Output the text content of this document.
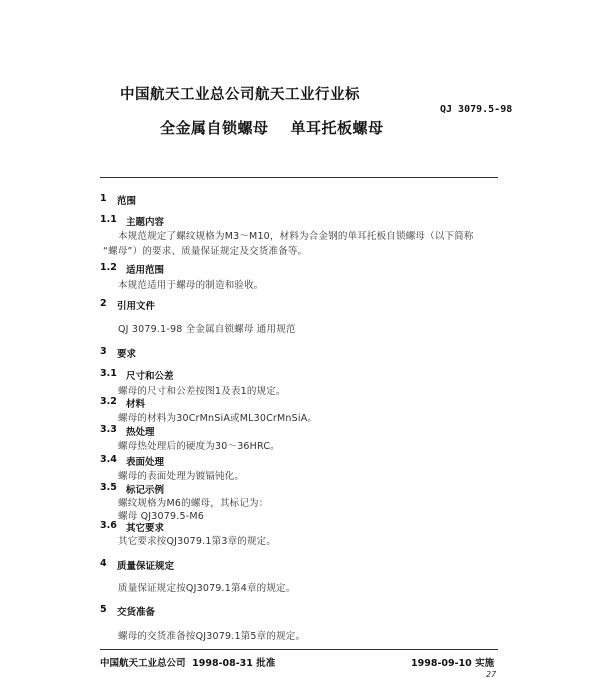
中国航天工业总公司航天工业行业标
QJ 3079.5-98
全金属自锁螺母 单耳托板螺母
1 范围
1.1 主题内容
本规范规定了螺纹规格为M3～M10，材料为合金钢的单耳托板自锁螺母（以下简称
“螺母”）的要求、质量保证规定及交货准备等。
1.2 适用范围
本规范适用于螺母的制造和验收。
2 引用文件
QJ 3079.1-98 全金属自锁螺母 通用规范
3 要求
3.1 尺寸和公差
螺母的尺寸和公差按图1及表1的规定。
3.2 材料
螺母的材料为30CrMnSiA或ML30CrMnSiA。
3.3 热处理
螺母热处理后的硬度为30～36HRC。
3.4 表面处理
螺母的表面处理为镀镉钝化。
3.5 标记示例
螺纹规格为M6的螺母，其标记为：
螺母 QJ3079.5-M6
3.6 其它要求
其它要求按QJ3079.1第3章的规定。
4 质量保证规定
质量保证规定按QJ3079.1第4章的规定。
5 交货准备
螺母的交货准备按QJ3079.1第5章的规定。
中国航天工业总公司 1998-08-31 批准	1998-09-10 实施
27
